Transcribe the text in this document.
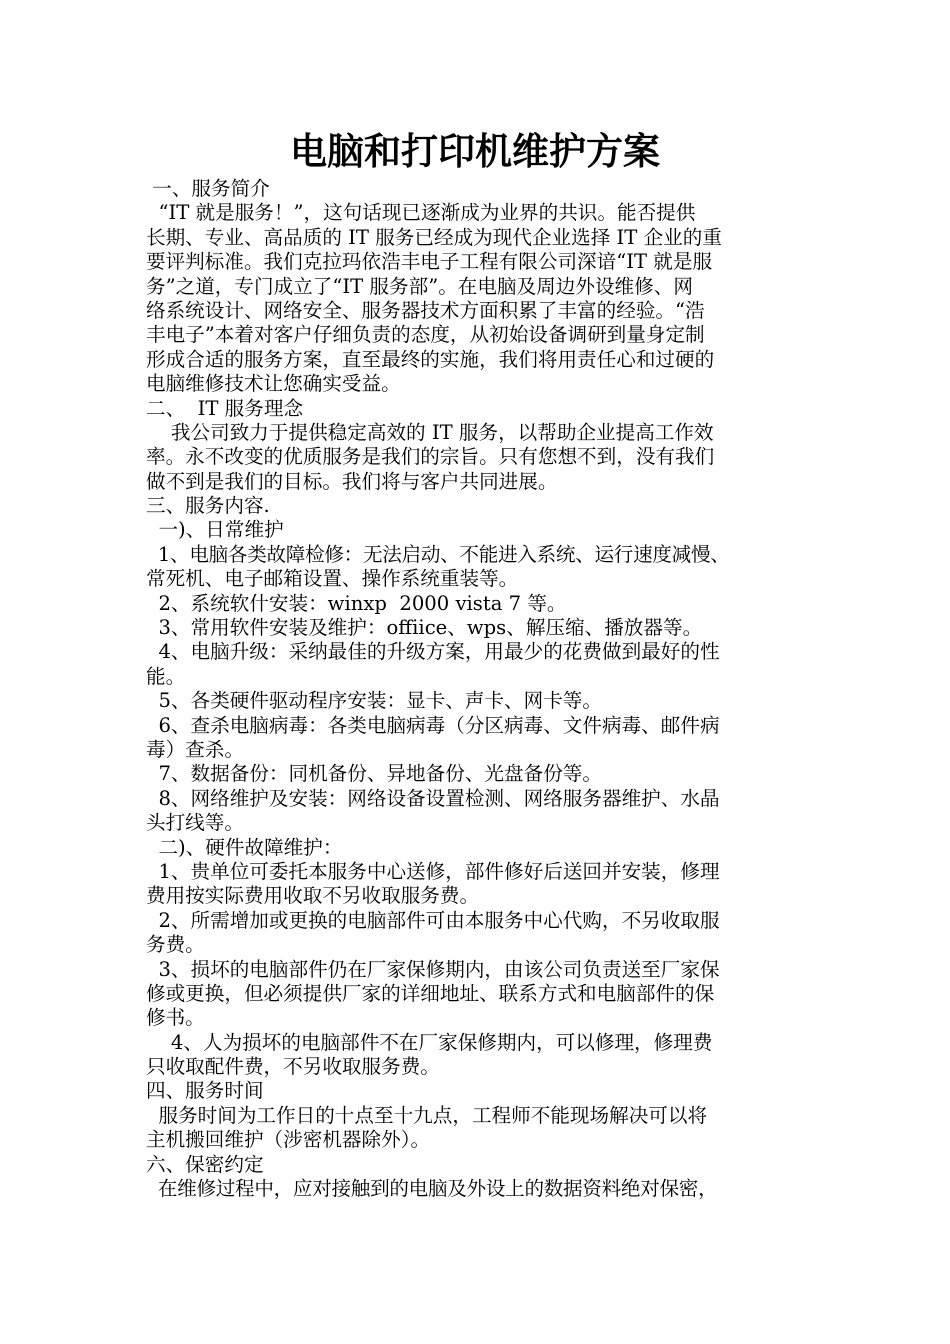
电脑和打印机维护方案
一、服务简介
“IT 就是服务！”，这句话现已逐渐成为业界的共识。能否提供
长期、专业、高品质的 IT 服务已经成为现代企业选择 IT 企业的重
要评判标准。我们克拉玛依浩丰电子工程有限公司深谙“IT 就是服
务”之道，专门成立了“IT 服务部”。在电脑及周边外设维修、网
络系统设计、网络安全、服务器技术方面积累了丰富的经验。“浩
丰电子”本着对客户仔细负责的态度，从初始设备调研到量身定制
形成合适的服务方案，直至最终的实施，我们将用责任心和过硬的
电脑维修技术让您确实受益。
二、  IT 服务理念
我公司致力于提供稳定高效的 IT 服务，以帮助企业提高工作效
率。永不改变的优质服务是我们的宗旨。只有您想不到，没有我们
做不到是我们的目标。我们将与客户共同进展。
三、服务内容.
一)、日常维护
1、电脑各类故障检修：无法启动、不能进入系统、运行速度减慢、
常死机、电子邮箱设置、操作系统重装等。
2、系统软什安装：winxp  2000 vista 7 等。
3、常用软件安装及维护：offiice、wps、解压缩、播放器等。
4、电脑升级：采纳最佳的升级方案，用最少的花费做到最好的性
能。
5、各类硬件驱动程序安装：显卡、声卡、网卡等。
6、查杀电脑病毒：各类电脑病毒（分区病毒、文件病毒、邮件病
毒）查杀。
7、数据备份：同机备份、异地备份、光盘备份等。
8、网络维护及安装：网络设备设置检测、网络服务器维护、水晶
头打线等。
二)、硬件故障维护：
1、贵单位可委托本服务中心送修，部件修好后送回并安装，修理
费用按实际费用收取不另收取服务费。
2、所需增加或更换的电脑部件可由本服务中心代购，不另收取服
务费。
3、损坏的电脑部件仍在厂家保修期内，由该公司负责送至厂家保
修或更换，但必须提供厂家的详细地址、联系方式和电脑部件的保
修书。
4、人为损坏的电脑部件不在厂家保修期内，可以修理，修理费
只收取配件费，不另收取服务费。
四、服务时间
服务时间为工作日的十点至十九点，工程师不能现场解决可以将
主机搬回维护（涉密机器除外）。
六、保密约定
在维修过程中，应对接触到的电脑及外设上的数据资料绝对保密，
